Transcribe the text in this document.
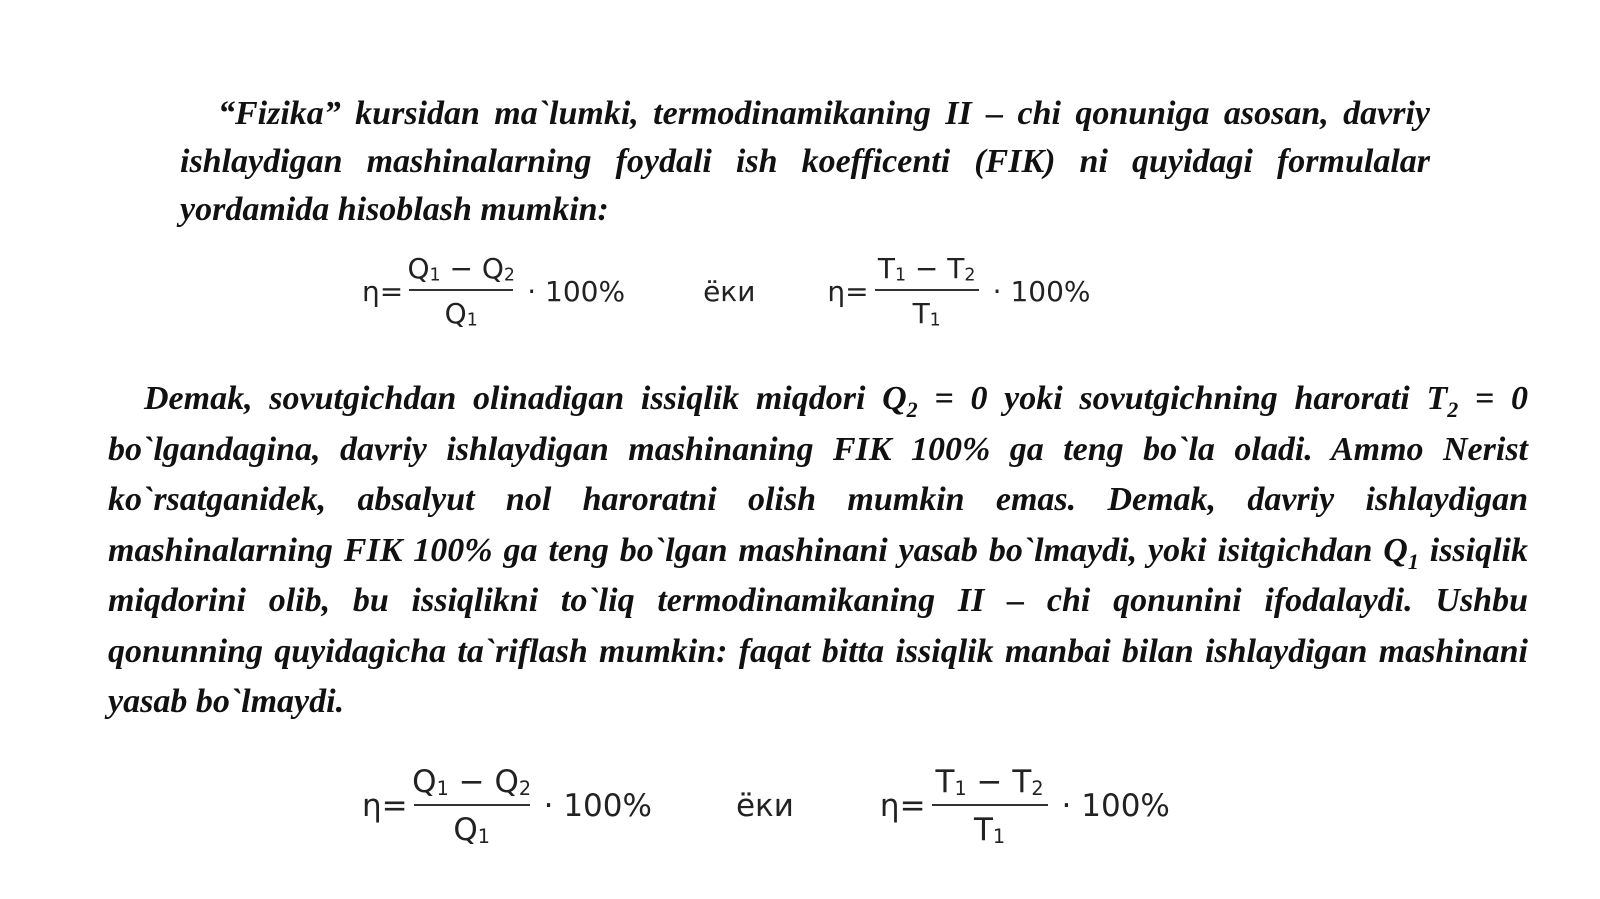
“Fizika” kursidan ma`lumki, termodinamikaning II – chi qonuniga asosan, davriy ishlaydigan mashinalarning foydali ish koefficenti (FIK) ni quyidagi formulalar yordamida hisoblash mumkin:

$\eta= \frac{Q_1 - Q_2}{Q_1} \cdot 100\%$	ёки	$\eta= \frac{T_1 - T_2}{T_1} \cdot 100\%$

Demak, sovutgichdan olinadigan issiqlik miqdori $Q_2 = 0$ yoki sovutgichning harorati $T_2 = 0$ bo`lgandagina, davriy ishlaydigan mashinaning FIK 100% ga teng bo`la oladi. Ammo Nerist ko`rsatganidek, absalyut nol haroratni olish mumkin emas. Demak, davriy ishlaydigan mashinalarning FIK 100% ga teng bo`lgan mashinani yasab bo`lmaydi, yoki isitgichdan $Q_1$ issiqlik miqdorini olib, bu issiqlikni to`liq termodinamikaning II – chi qonunini ifodalaydi. Ushbu qonunning quyidagicha ta`riflash mumkin: faqat bitta issiqlik manbai bilan ishlaydigan mashinani yasab bo`lmaydi.

$\eta= \frac{Q_1 - Q_2}{Q_1} \cdot 100\%$	ёки	$\eta= \frac{T_1 - T_2}{T_1} \cdot 100\%$
